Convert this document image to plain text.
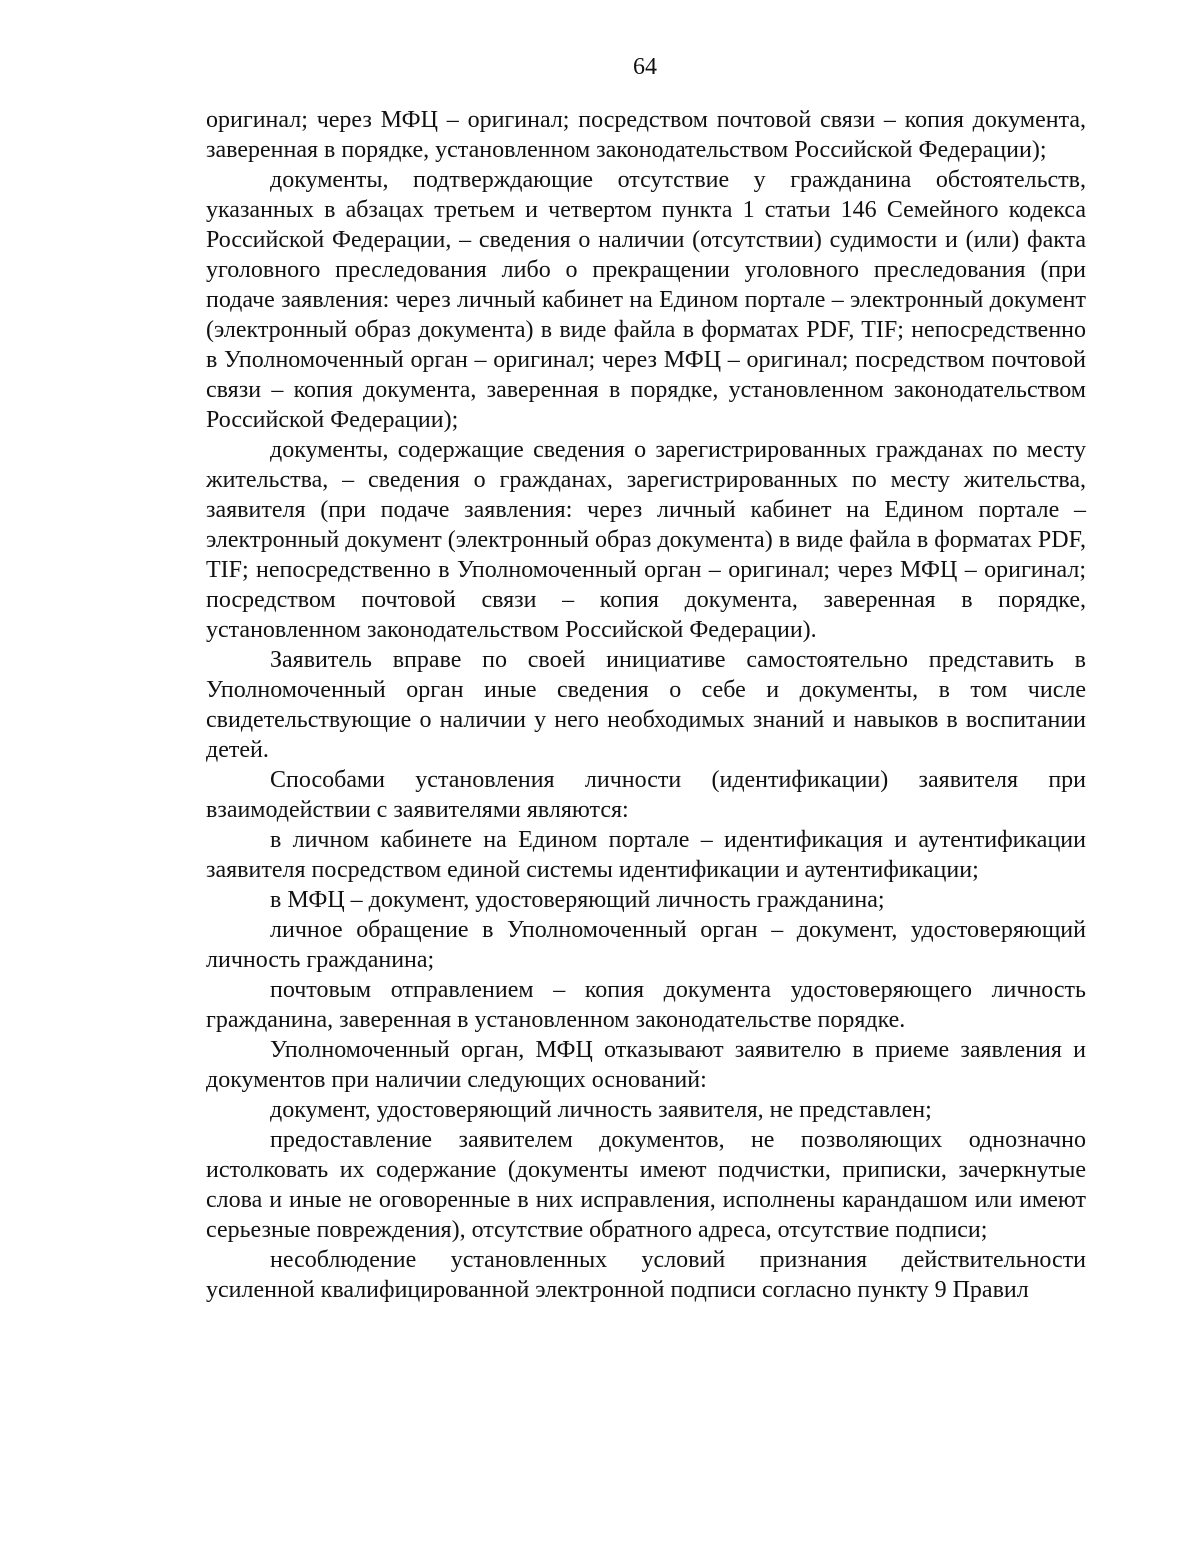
64

оригинал; через МФЦ – оригинал; посредством почтовой связи – копия документа, заверенная в порядке, установленном законодательством Российской Федерации);

документы, подтверждающие отсутствие у гражданина обстоятельств, указанных в абзацах третьем и четвертом пункта 1 статьи 146 Семейного кодекса Российской Федерации, – сведения о наличии (отсутствии) судимости и (или) факта уголовного преследования либо о прекращении уголовного преследования (при подаче заявления: через личный кабинет на Едином портале – электронный документ (электронный образ документа) в виде файла в форматах PDF, TIF; непосредственно в Уполномоченный орган – оригинал; через МФЦ – оригинал; посредством почтовой связи – копия документа, заверенная в порядке, установленном законодательством Российской Федерации);

документы, содержащие сведения о зарегистрированных гражданах по месту жительства, – сведения о гражданах, зарегистрированных по месту жительства, заявителя (при подаче заявления: через личный кабинет на Едином портале – электронный документ (электронный образ документа) в виде файла в форматах PDF, TIF; непосредственно в Уполномоченный орган – оригинал; через МФЦ – оригинал; посредством почтовой связи – копия документа, заверенная в порядке, установленном законодательством Российской Федерации).

Заявитель вправе по своей инициативе самостоятельно представить в Уполномоченный орган иные сведения о себе и документы, в том числе свидетельствующие о наличии у него необходимых знаний и навыков в воспитании детей.

Способами установления личности (идентификации) заявителя при взаимодействии с заявителями являются:

в личном кабинете на Едином портале – идентификация и аутентификации заявителя посредством единой системы идентификации и аутентификации;

в МФЦ – документ, удостоверяющий личность гражданина;

личное обращение в Уполномоченный орган – документ, удостоверяющий личность гражданина;

почтовым отправлением – копия документа удостоверяющего личность гражданина, заверенная в установленном законодательстве порядке.

Уполномоченный орган, МФЦ отказывают заявителю в приеме заявления и документов при наличии следующих оснований:

документ, удостоверяющий личность заявителя, не представлен;

предоставление заявителем документов, не позволяющих однозначно истолковать их содержание (документы имеют подчистки, приписки, зачеркнутые слова и иные не оговоренные в них исправления, исполнены карандашом или имеют серьезные повреждения), отсутствие обратного адреса, отсутствие подписи;

несоблюдение установленных условий признания действительности усиленной квалифицированной электронной подписи согласно пункту 9 Правил
